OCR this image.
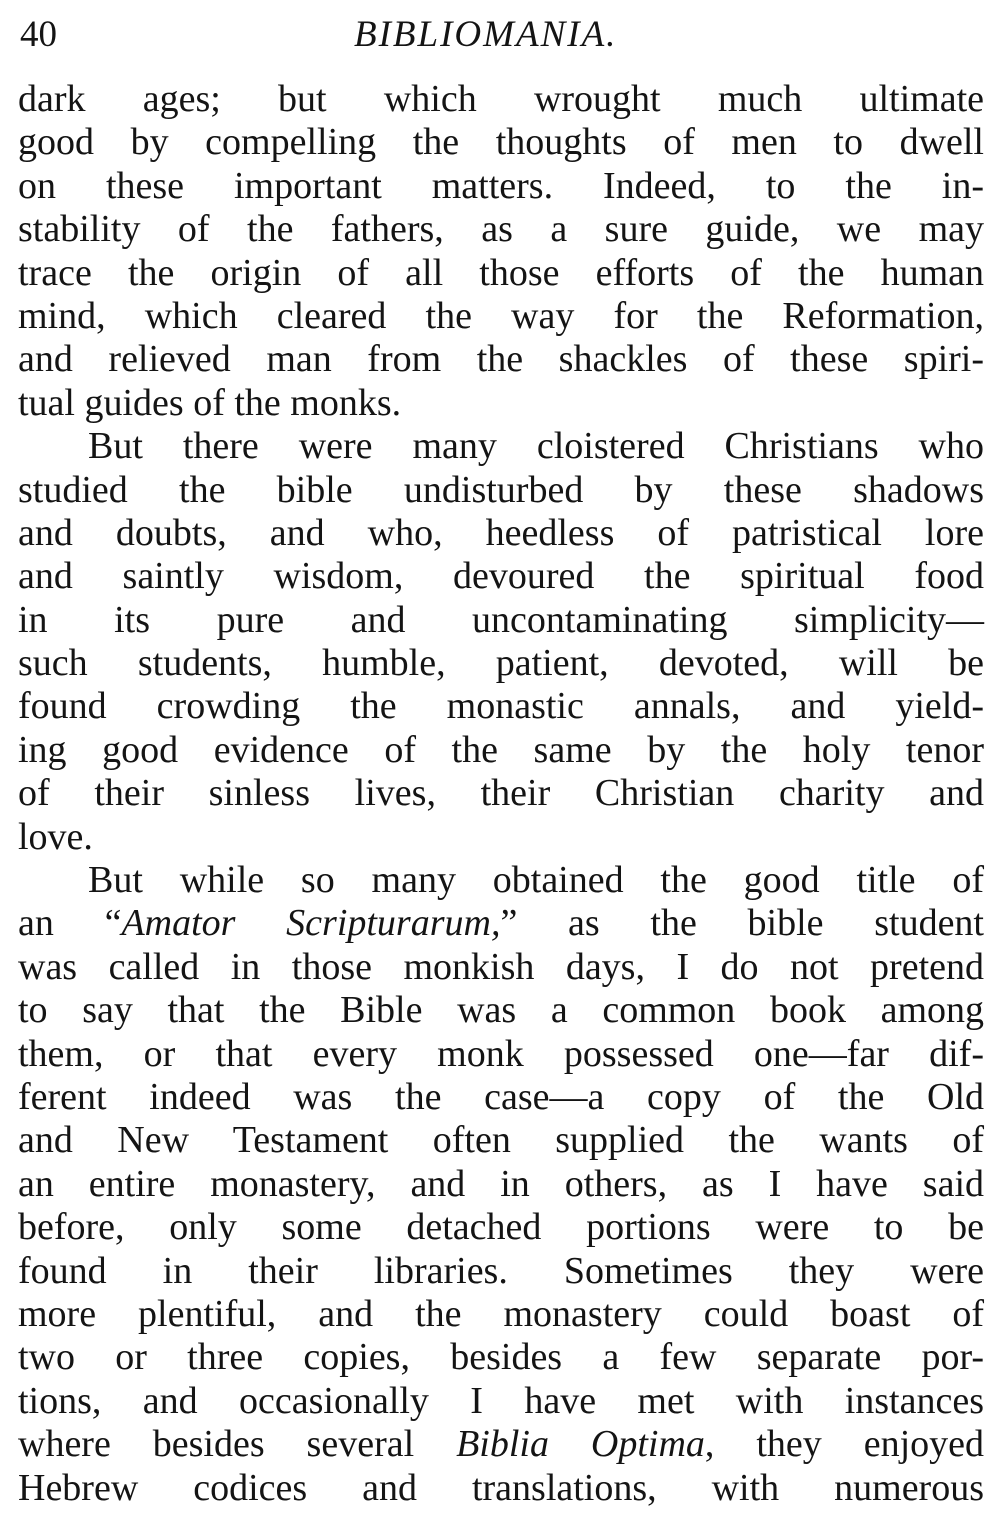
40	BIBLIOMANIA.
dark ages; but which wrought much ultimate
good by compelling the thoughts of men to dwell
on these important matters. Indeed, to the in-
stability of the fathers, as a sure guide, we may
trace the origin of all those efforts of the human
mind, which cleared the way for the Reformation,
and relieved man from the shackles of these spiri-
tual guides of the monks.
But there were many cloistered Christians who
studied the bible undisturbed by these shadows
and doubts, and who, heedless of patristical lore
and saintly wisdom, devoured the spiritual food
in its pure and uncontaminating simplicity—
such students, humble, patient, devoted, will be
found crowding the monastic annals, and yield-
ing good evidence of the same by the holy tenor
of their sinless lives, their Christian charity and
love.
But while so many obtained the good title of
an “Amator Scripturarum,” as the bible student
was called in those monkish days, I do not pretend
to say that the Bible was a common book among
them, or that every monk possessed one—far dif-
ferent indeed was the case—a copy of the Old
and New Testament often supplied the wants of
an entire monastery, and in others, as I have said
before, only some detached portions were to be
found in their libraries. Sometimes they were
more plentiful, and the monastery could boast of
two or three copies, besides a few separate por-
tions, and occasionally I have met with instances
where besides several Biblia Optima, they enjoyed
Hebrew codices and translations, with numerous
